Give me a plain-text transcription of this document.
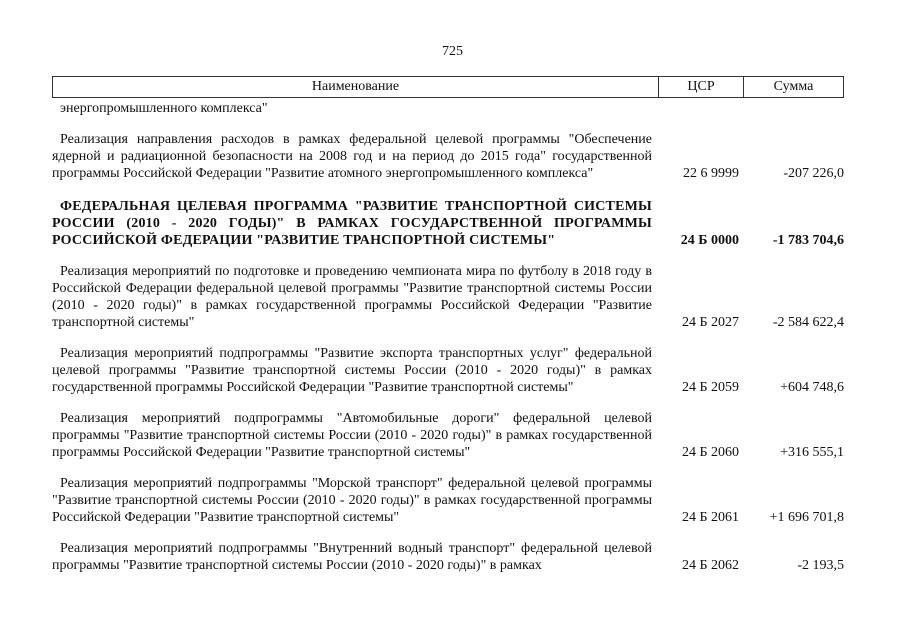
725
Наименование	ЦСР	Сумма
энергопромышленного комплекса"
Реализация направления расходов в рамках федеральной целевой программы "Обеспечение ядерной и радиационной безопасности на 2008 год и на период до 2015 года" государственной программы Российской Федерации "Развитие атомного энергопромышленного комплекса"	22 6 9999	-207 226,0
ФЕДЕРАЛЬНАЯ ЦЕЛЕВАЯ ПРОГРАММА "РАЗВИТИЕ ТРАНСПОРТНОЙ СИСТЕМЫ РОССИИ (2010 - 2020 ГОДЫ)" В РАМКАХ ГОСУДАРСТВЕННОЙ ПРОГРАММЫ РОССИЙСКОЙ ФЕДЕРАЦИИ "РАЗВИТИЕ ТРАНСПОРТНОЙ СИСТЕМЫ"	24 Б 0000	-1 783 704,6
Реализация мероприятий по подготовке и проведению чемпионата мира по футболу в 2018 году в Российской Федерации федеральной целевой программы "Развитие транспортной системы России (2010 - 2020 годы)" в рамках государственной программы Российской Федерации "Развитие транспортной системы"	24 Б 2027	-2 584 622,4
Реализация мероприятий подпрограммы "Развитие экспорта транспортных услуг" федеральной целевой программы "Развитие транспортной системы России (2010 - 2020 годы)" в рамках государственной программы Российской Федерации "Развитие транспортной системы"	24 Б 2059	+604 748,6
Реализация мероприятий подпрограммы "Автомобильные дороги" федеральной целевой программы "Развитие транспортной системы России (2010 - 2020 годы)" в рамках государственной программы Российской Федерации "Развитие транспортной системы"	24 Б 2060	+316 555,1
Реализация мероприятий подпрограммы "Морской транспорт" федеральной целевой программы "Развитие транспортной системы России (2010 - 2020 годы)" в рамках государственной программы Российской Федерации "Развитие транспортной системы"	24 Б 2061	+1 696 701,8
Реализация мероприятий подпрограммы "Внутренний водный транспорт" федеральной целевой программы "Развитие транспортной системы России (2010 - 2020 годы)" в рамках	24 Б 2062	-2 193,5
